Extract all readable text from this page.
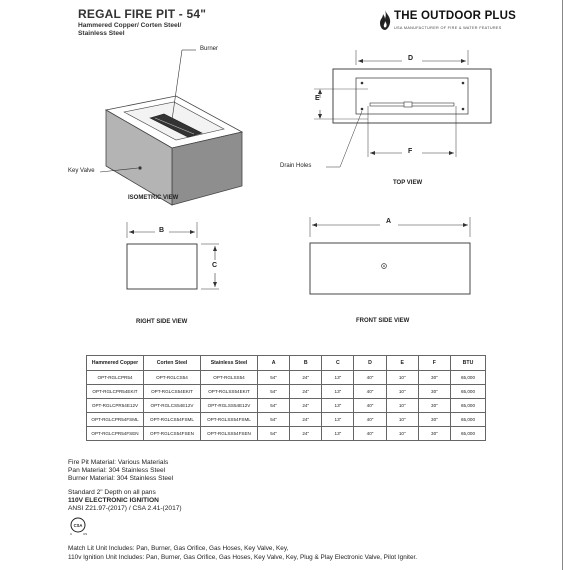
REGAL FIRE PIT - 54"
Hammered Copper/ Corten Steel/
Stainless Steel
THE OUTDOOR PLUS
USA MANUFACTURER OF FIRE & WATER FEATURES
Burner
Key Valve
ISOMETRIC VIEW
D
E
F
Drain Holes
TOP VIEW
B
C
RIGHT SIDE VIEW
A
FRONT SIDE VIEW
Hammered Copper	Corten Steel	Stainless Steel	A	B	C	D	E	F	BTU
OPT-RGLCPR54	OPT-RGLCS54	OPT-RGLSS54	54"	24"	13"	40"	10"	30"	65,000
OPT-RGLCPR54EKIT	OPT-RGLCS54EKIT	OPT-RGLSS54EKIT	54"	24"	13"	40"	10"	30"	65,000
OPT-RGLCPR54E12V	OPT-RGLCS54E12V	OPT-RGLSS54E12V	54"	24"	13"	40"	10"	30"	65,000
OPT-RGLCPR54FSML	OPT-RGLCS54FSML	OPT-RGLSS54FSML	54"	24"	13"	40"	10"	30"	65,000
OPT-RGLCPR54FSEN	OPT-RGLCS54FSEN	OPT-RGLSS54FSEN	54"	24"	13"	40"	10"	30"	65,000
Fire Pit Material: Various Materials
Pan Material: 304 Stainless Steel
Burner Material: 304 Stainless Steel
Standard 2" Depth on all pans
110V ELECTRONIC IGNITION
ANSI Z21.97-(2017) / CSA 2.41-(2017)
CSA
C	US
Match Lit Unit Includes: Pan, Burner, Gas Orifice, Gas Hoses, Key Valve, Key,
110v Ignition Unit Includes: Pan, Burner, Gas Orifice, Gas Hoses, Key Valve, Key, Plug & Play Electronic Valve, Pilot Igniter.
